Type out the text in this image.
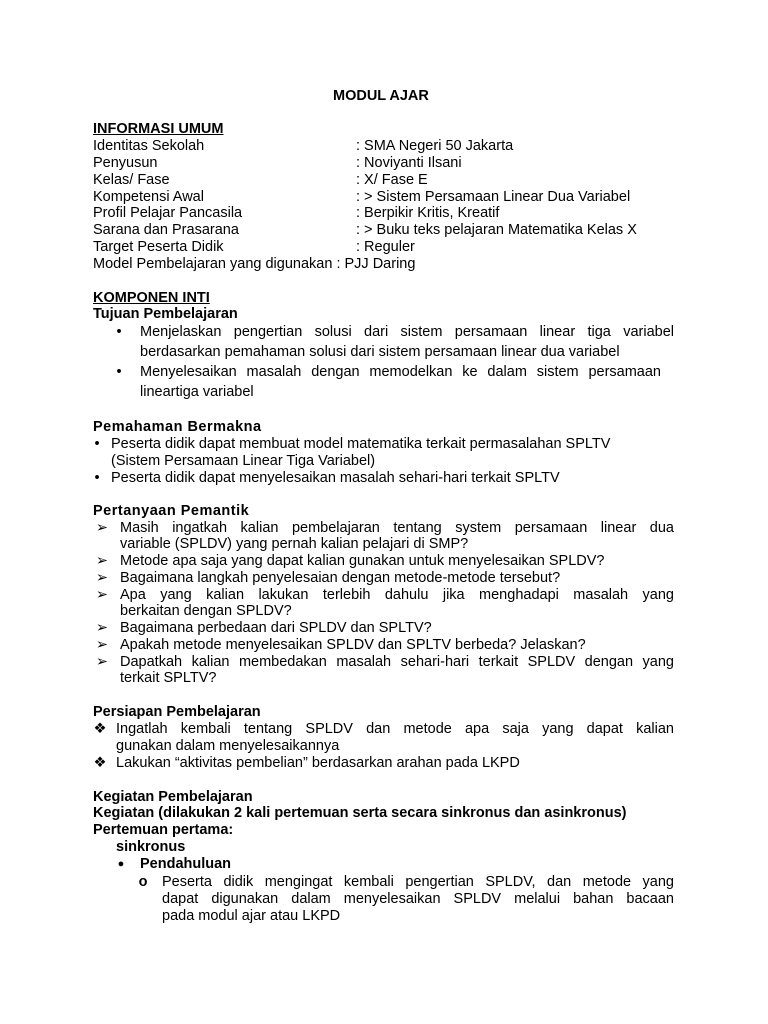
MODUL AJAR
INFORMASI UMUM
Identitas Sekolah	: SMA Negeri 50 Jakarta
Penyusun	: Noviyanti Ilsani
Kelas/ Fase	: X/ Fase E
Kompetensi Awal	: > Sistem Persamaan Linear Dua Variabel
Profil Pelajar Pancasila	: Berpikir Kritis, Kreatif
Sarana dan Prasarana	: > Buku teks pelajaran Matematika Kelas X
Target Peserta Didik	: Reguler
Model Pembelajaran yang digunakan : PJJ Daring
KOMPONEN INTI
Tujuan Pembelajaran
•	Menjelaskan pengertian solusi dari sistem persamaan linear tiga variabel
berdasarkan pemahaman solusi dari sistem persamaan linear dua variabel
•	Menyelesaikan masalah dengan memodelkan ke dalam sistem persamaan
lineartiga variabel
Pemahaman Bermakna
• Peserta didik dapat membuat model matematika terkait permasalahan SPLTV
(Sistem Persamaan Linear Tiga Variabel)
• Peserta didik dapat menyelesaikan masalah sehari-hari terkait SPLTV
Pertanyaan Pemantik
➢ Masih ingatkah kalian pembelajaran tentang system persamaan linear dua
variable (SPLDV) yang pernah kalian pelajari di SMP?
➢ Metode apa saja yang dapat kalian gunakan untuk menyelesaikan SPLDV?
➢ Bagaimana langkah penyelesaian dengan metode-metode tersebut?
➢ Apa yang kalian lakukan terlebih dahulu jika menghadapi masalah yang
berkaitan dengan SPLDV?
➢ Bagaimana perbedaan dari SPLDV dan SPLTV?
➢ Apakah metode menyelesaikan SPLDV dan SPLTV berbeda? Jelaskan?
➢ Dapatkah kalian membedakan masalah sehari-hari terkait SPLDV dengan yang
terkait SPLTV?
Persiapan Pembelajaran
❖ Ingatlah kembali tentang SPLDV dan metode apa saja yang dapat kalian
gunakan dalam menyelesaikannya
❖ Lakukan “aktivitas pembelian” berdasarkan arahan pada LKPD
Kegiatan Pembelajaran
Kegiatan (dilakukan 2 kali pertemuan serta secara sinkronus dan asinkronus)
Pertemuan pertama:
sinkronus
● Pendahuluan
o Peserta didik mengingat kembali pengertian SPLDV, dan metode yang
dapat digunakan dalam menyelesaikan SPLDV melalui bahan bacaan
pada modul ajar atau LKPD
